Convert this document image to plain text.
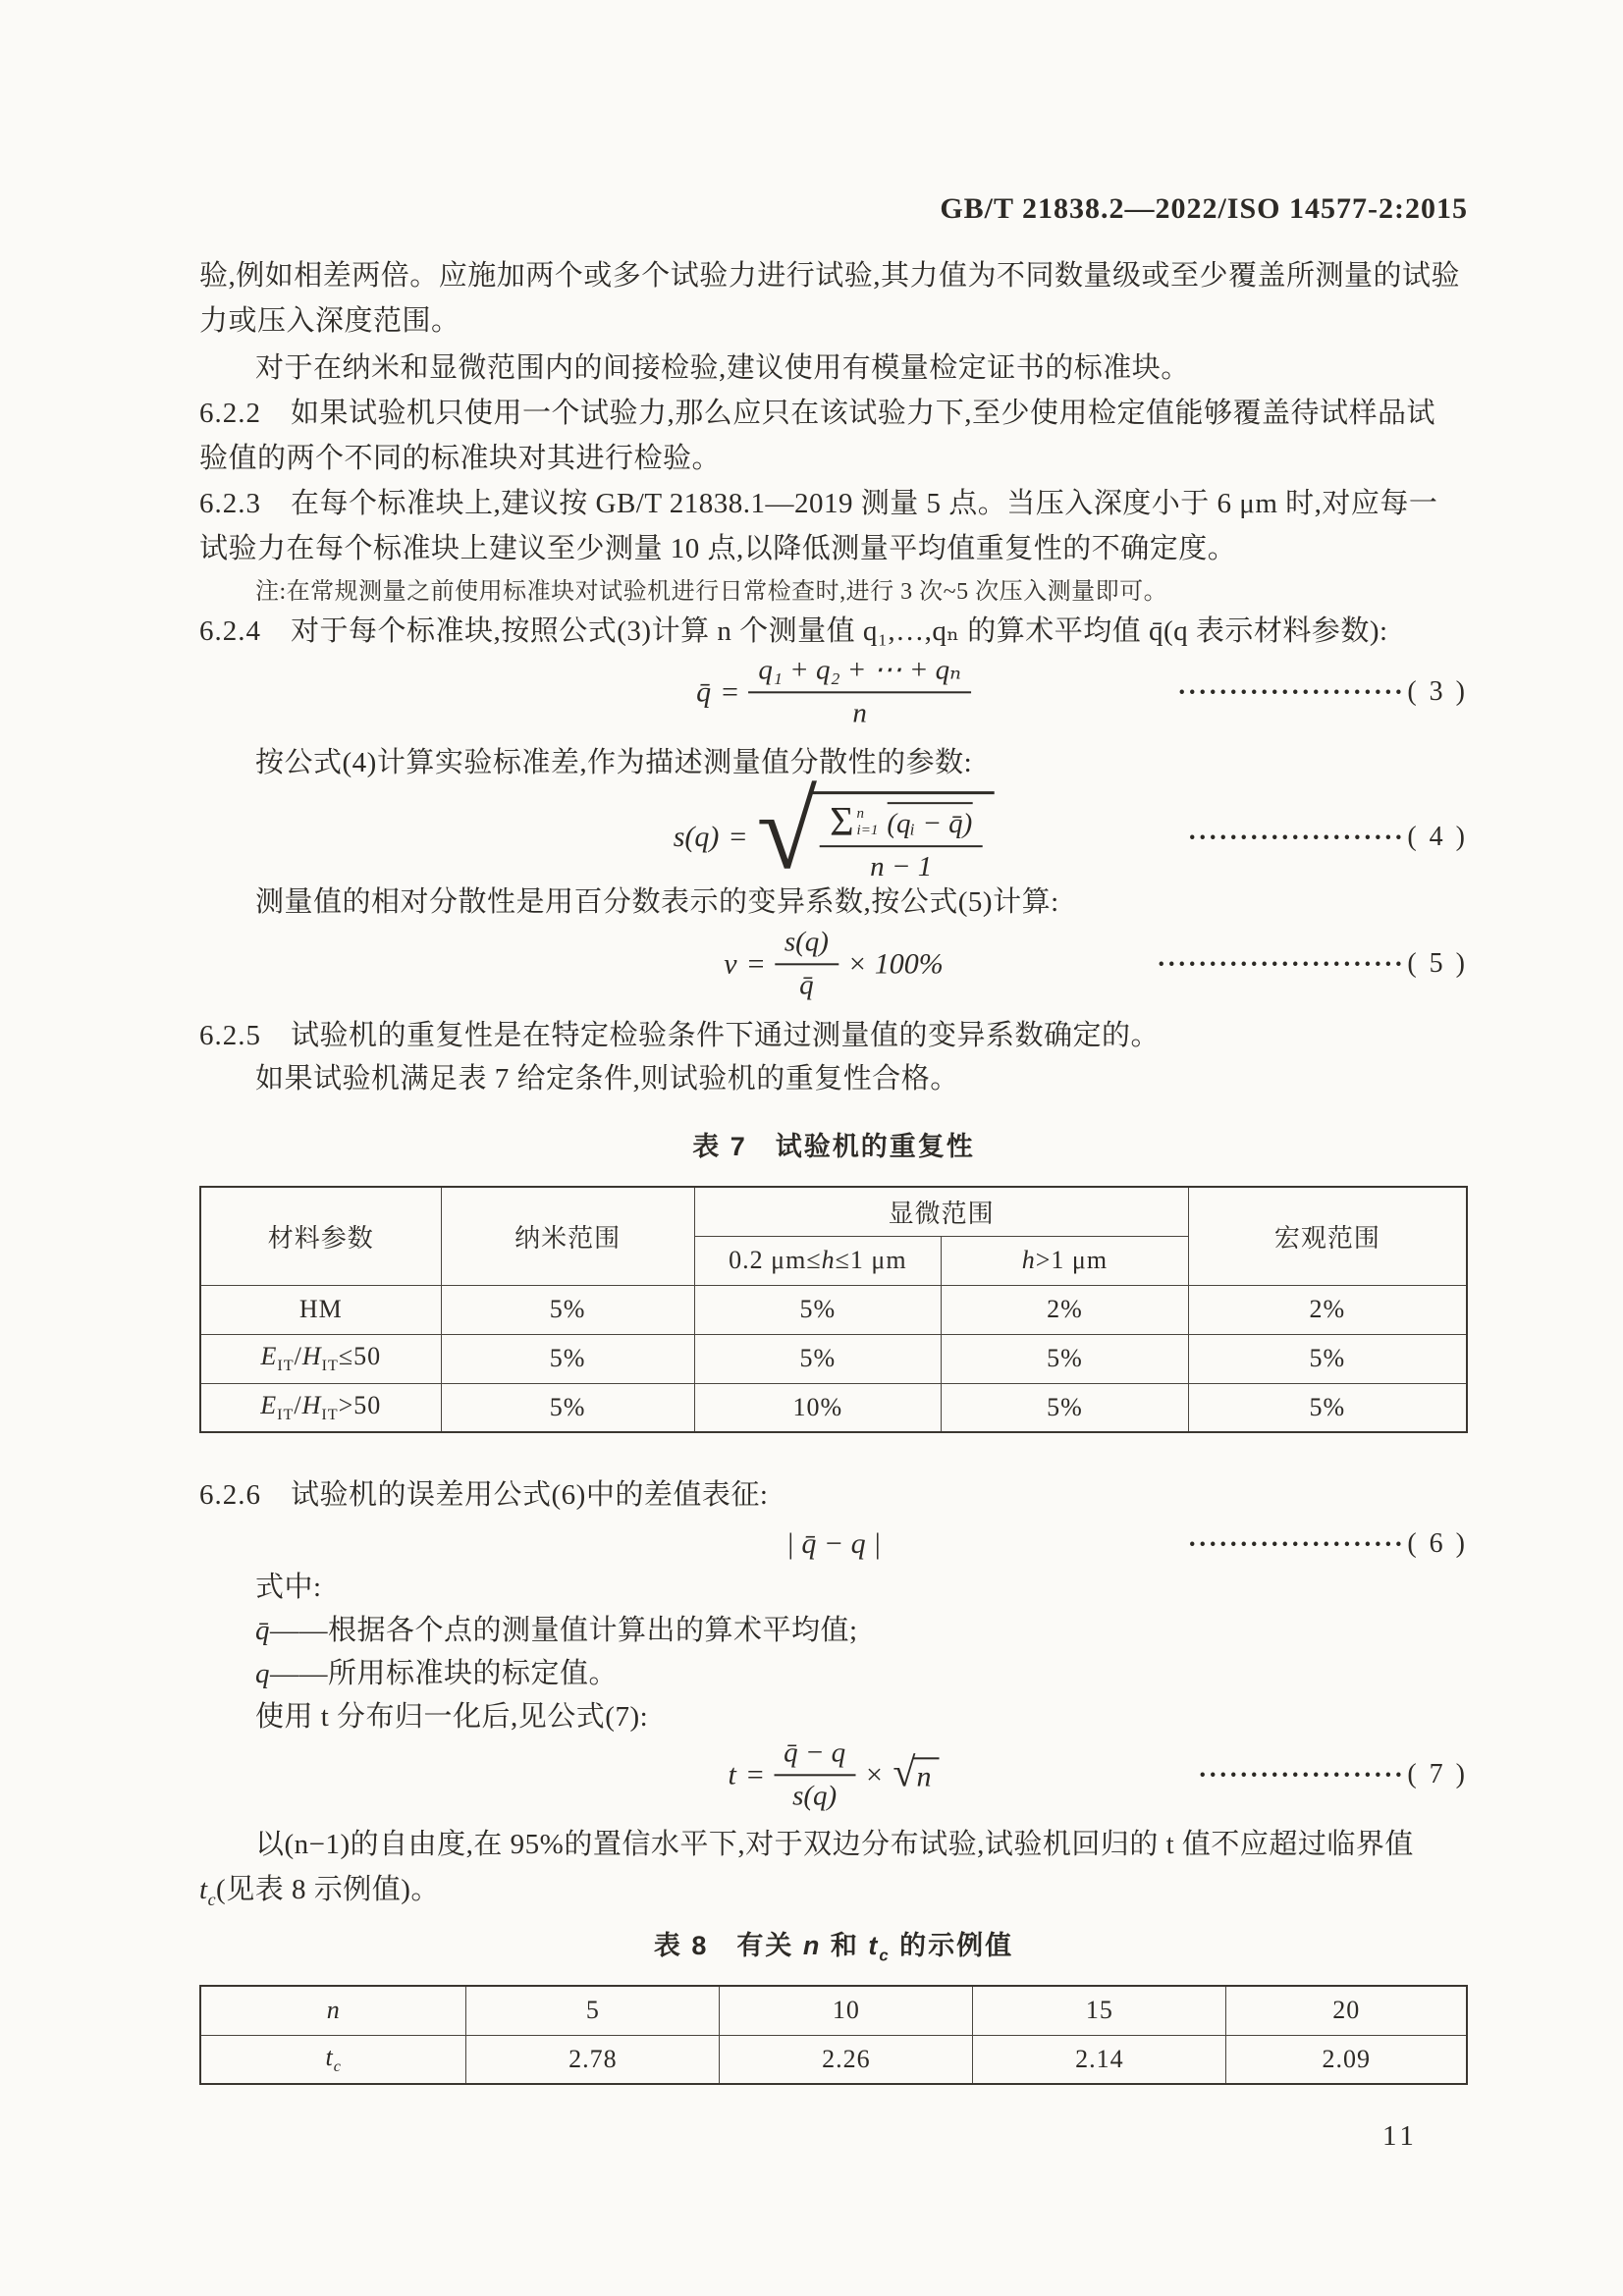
GB/T 21838.2—2022/ISO 14577-2:2015
验,例如相差两倍。应施加两个或多个试验力进行试验,其力值为不同数量级或至少覆盖所测量的试验
力或压入深度范围。
对于在纳米和显微范围内的间接检验,建议使用有模量检定证书的标准块。
6.2.2 如果试验机只使用一个试验力,那么应只在该试验力下,至少使用检定值能够覆盖待试样品试
验值的两个不同的标准块对其进行检验。
6.2.3 在每个标准块上,建议按 GB/T 21838.1—2019 测量 5 点。当压入深度小于 6 μm 时,对应每一
试验力在每个标准块上建议至少测量 10 点,以降低测量平均值重复性的不确定度。
注:在常规测量之前使用标准块对试验机进行日常检查时,进行 3 次~5 次压入测量即可。
6.2.4 对于每个标准块,按照公式(3)计算 n 个测量值 q₁,…,qₙ 的算术平均值 q̄(q 表示材料参数):
q̄ = $\frac{\text{q₁ + q₂ + ⋯ + qₙ}}{n}$	······················ ( 3 )
按公式(4)计算实验标准差,作为描述测量值分散性的参数:
s(q) = √ Σ n
i=1 (qᵢ − q̄)
n − 1
····················· ( 4 )
测量值的相对分散性是用百分数表示的变异系数,按公式(5)计算:
$v = \frac{s(q)}{q̄} \times 100\%$	························ ( 5 )
6.2.5 试验机的重复性是在特定检验条件下通过测量值的变异系数确定的。
如果试验机满足表 7 给定条件,则试验机的重复性合格。
表 7　试验机的重复性
材料参数	纳米范围	显微范围		宏观范围
		0.2 μm≤h≤1 μm	h>1 μm	
HM	5%	5%	2%	2%
$E_{IT}/H_{IT}\le 50$	5%	5%	5%	5%
$E_{IT}/H_{IT}>50$	5%	10%	5%	5%
6.2.6 试验机的误差用公式(6)中的差值表征:
| q̄ − q |	····················· ( 6 )
式中:
q̄——根据各个点的测量值计算出的算术平均值;
q——所用标准块的标定值。
使用 t 分布归一化后,见公式(7):
$t = \frac{q̄ - q}{s(q)}$ × √ n	···················· ( 7 )
以(n−1)的自由度,在 95%的置信水平下,对于双边分布试验,试验机回归的 t 值不应超过临界值
$t_c$(见表 8 示例值)。
表 8　有关 n 和 $t_c$ 的示例值
n	5	10	15	20
$t_c$	2.78	2.26	2.14	2.09
11
